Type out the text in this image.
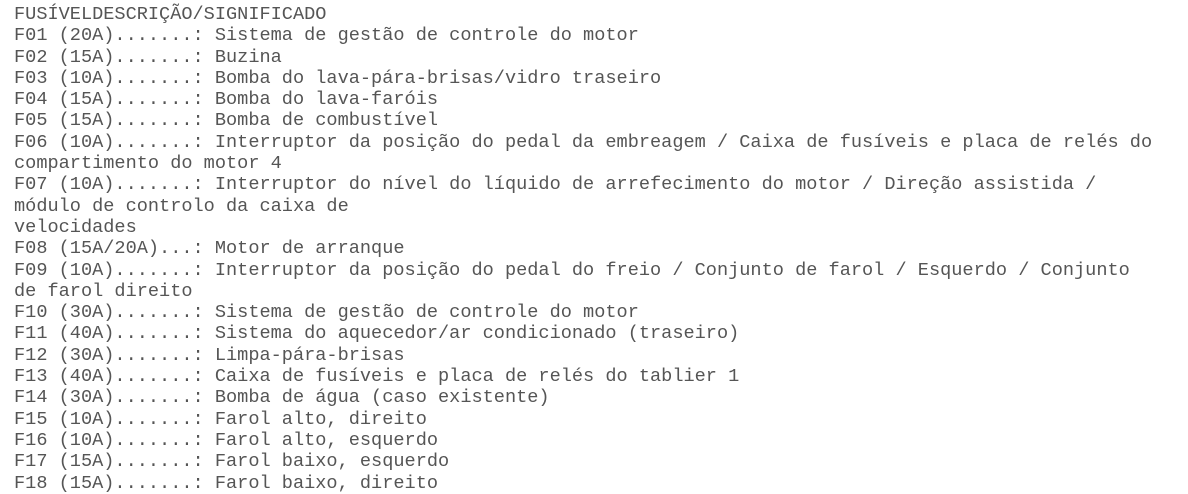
FUSÍVELDESCRIÇÃO/SIGNIFICADO
F01 (20A).......: Sistema de gestão de controle do motor
F02 (15A).......: Buzina
F03 (10A).......: Bomba do lava-pára-brisas/vidro traseiro
F04 (15A).......: Bomba do lava-faróis
F05 (15A).......: Bomba de combustível
F06 (10A).......: Interruptor da posição do pedal da embreagem / Caixa de fusíveis e placa de relés do
compartimento do motor 4
F07 (10A).......: Interruptor do nível do líquido de arrefecimento do motor / Direção assistida /
módulo de controlo da caixa de
velocidades
F08 (15A/20A)...: Motor de arranque
F09 (10A).......: Interruptor da posição do pedal do freio / Conjunto de farol / Esquerdo / Conjunto
de farol direito
F10 (30A).......: Sistema de gestão de controle do motor
F11 (40A).......: Sistema do aquecedor/ar condicionado (traseiro)
F12 (30A).......: Limpa-pára-brisas
F13 (40A).......: Caixa de fusíveis e placa de relés do tablier 1
F14 (30A).......: Bomba de água (caso existente)
F15 (10A).......: Farol alto, direito
F16 (10A).......: Farol alto, esquerdo
F17 (15A).......: Farol baixo, esquerdo
F18 (15A).......: Farol baixo, direito
